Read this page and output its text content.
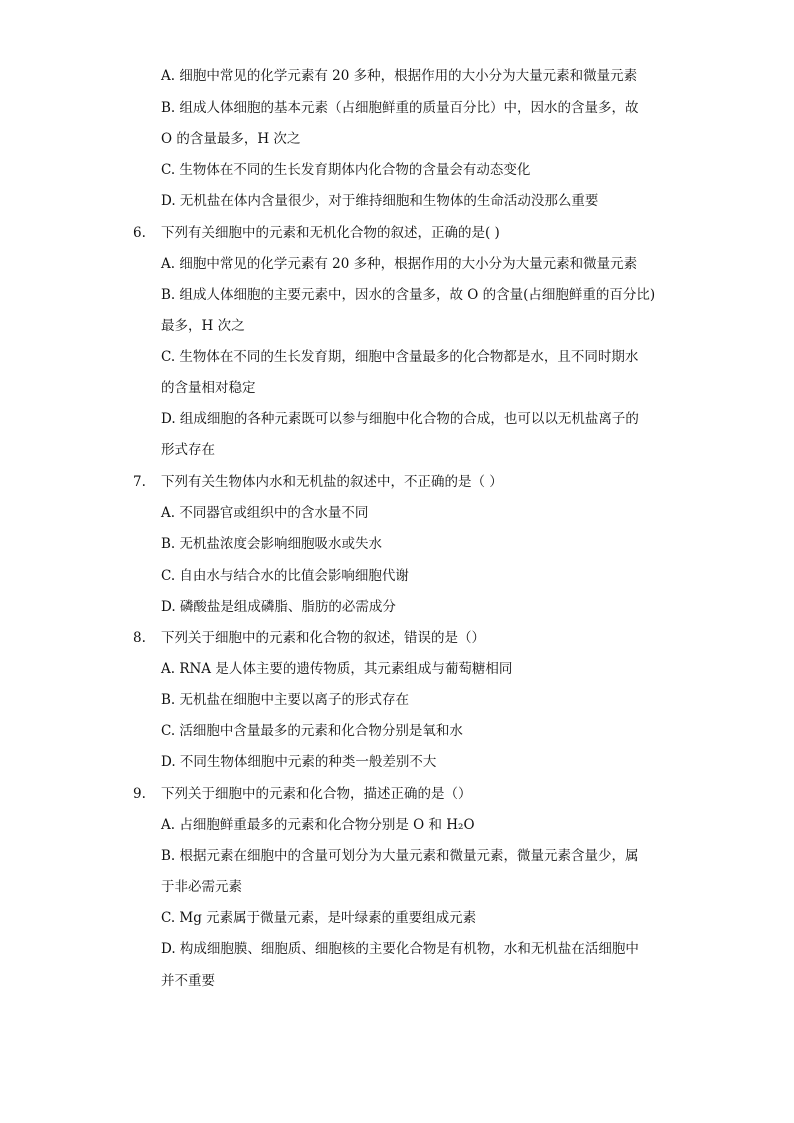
A. 细胞中常见的化学元素有 20 多种，根据作用的大小分为大量元素和微量元素
B. 组成人体细胞的基本元素（占细胞鲜重的质量百分比）中，因水的含量多，故
O 的含量最多，H 次之
C. 生物体在不同的生长发育期体内化合物的含量会有动态变化
D. 无机盐在体内含量很少，对于维持细胞和生物体的生命活动没那么重要
6. 下列有关细胞中的元素和无机化合物的叙述，正确的是( )
A. 细胞中常见的化学元素有 20 多种，根据作用的大小分为大量元素和微量元素
B. 组成人体细胞的主要元素中，因水的含量多，故 O 的含量(占细胞鲜重的百分比)
最多，H 次之
C. 生物体在不同的生长发育期，细胞中含量最多的化合物都是水，且不同时期水
的含量相对稳定
D. 组成细胞的各种元素既可以参与细胞中化合物的合成，也可以以无机盐离子的
形式存在
7. 下列有关生物体内水和无机盐的叙述中，不正确的是（ ）
A. 不同器官或组织中的含水量不同
B. 无机盐浓度会影响细胞吸水或失水
C. 自由水与结合水的比值会影响细胞代谢
D. 磷酸盐是组成磷脂、脂肪的必需成分
8. 下列关于细胞中的元素和化合物的叙述，错误的是（）
A. RNA 是人体主要的遗传物质，其元素组成与葡萄糖相同
B. 无机盐在细胞中主要以离子的形式存在
C. 活细胞中含量最多的元素和化合物分别是氧和水
D. 不同生物体细胞中元素的种类一般差别不大
9. 下列关于细胞中的元素和化合物，描述正确的是（）
A. 占细胞鲜重最多的元素和化合物分别是 O 和 H₂O
B. 根据元素在细胞中的含量可划分为大量元素和微量元素，微量元素含量少，属
于非必需元素
C. Mg 元素属于微量元素，是叶绿素的重要组成元素
D. 构成细胞膜、细胞质、细胞核的主要化合物是有机物，水和无机盐在活细胞中
并不重要
